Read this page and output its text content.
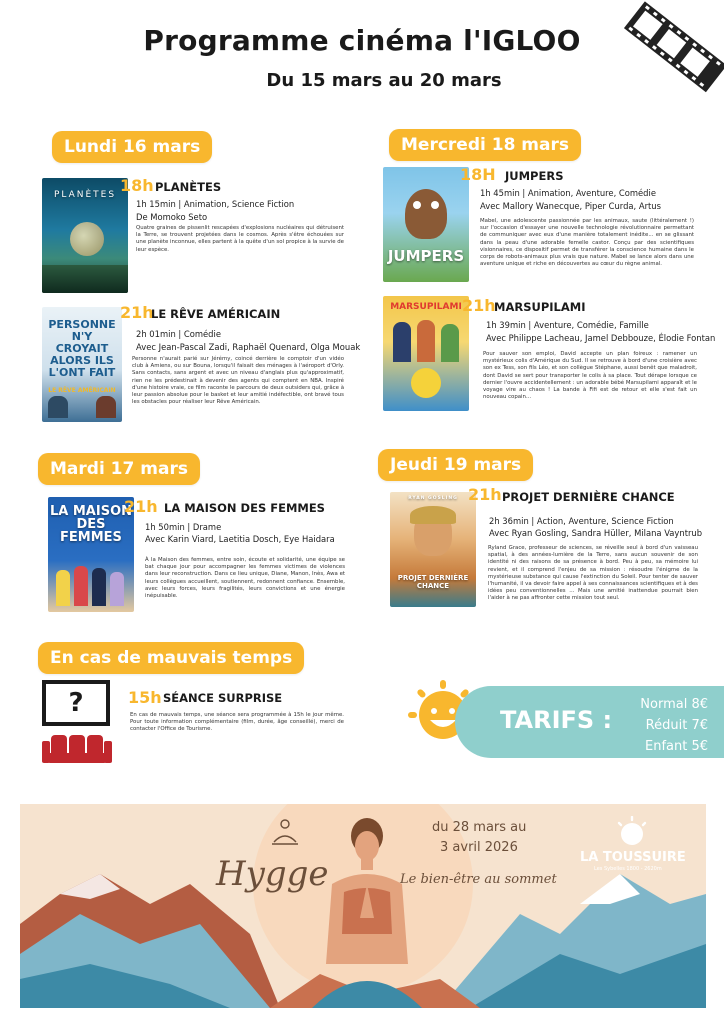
Programme cinéma l'IGLOO
Du 15 mars au 20 mars
Lundi 16 mars	Mercredi 18 mars
Mardi 17 mars	Jeudi 19 mars
En cas de mauvais temps
PLANÈTES 18h PLANÈTES
1h 15min | Animation, Science Fiction
De Momoko Seto
Quatre graines de pissenlit rescapées d'explosions nucléaires qui détruisent la Terre, se trouvent projetées dans le cosmos. Après s'être échouées sur une planète inconnue, elles partent à la quête d'un sol propice à la survie de leur espèce.
PERSONNE N'Y CROYAIT ALORS ILS L'ONT FAIT
LE RÊVE AMÉRICAIN
21h
LE RÊVE AMÉRICAIN
2h 01min | Comédie
Avec Jean-Pascal Zadi, Raphaël Quenard, Olga Mouak
Personne n'aurait parié sur Jérémy, coincé derrière le comptoir d'un vidéo club à Amiens, ou sur Bouna, lorsqu'il faisait des ménages à l'aéroport d'Orly. Sans contacts, sans argent et avec un niveau d'anglais plus qu'approximatif, rien ne les prédestinait à devenir des agents qui comptent en NBA. Inspiré d'une histoire vraie, ce film raconte le parcours de deux outsiders qui, grâce à leur passion absolue pour le basket et leur amitié indéfectible, ont bravé tous les obstacles pour réaliser leur Rêve Américain.
LA MAISON DES FEMMES
21h LA MAISON DES FEMMES
1h 50min | Drame
Avec Karin Viard, Laetitia Dosch, Eye Haidara
À la Maison des femmes, entre soin, écoute et solidarité, une équipe se bat chaque jour pour accompagner les femmes victimes de violences dans leur reconstruction. Dans ce lieu unique, Diane, Manon, Inès, Awa et leurs collègues accueillent, soutiennent, redonnent confiance. Ensemble, avec leurs forces, leurs fragilités, leurs convictions et une énergie inépuisable.
JUMPERS
18H JUMPERS
1h 45min | Animation, Aventure, Comédie
Avec Mallory Wanecque, Piper Curda, Artus
Mabel, une adolescente passionnée par les animaux, saute (littéralement !) sur l'occasion d'essayer une nouvelle technologie révolutionnaire permettant de communiquer avec eux d'une manière totalement inédite... en se glissant dans la peau d'une adorable femelle castor. Conçu par des scientifiques visionnaires, ce dispositif permet de transférer la conscience humaine dans le corps de robots-animaux plus vrais que nature. Mabel se lance alors dans une aventure unique et riche en découvertes au cœur du règne animal.
MARSUPILAMI 21h
MARSUPILAMI
1h 39min | Aventure, Comédie, Famille
Avec Philippe Lacheau, Jamel Debbouze, Élodie Fontan
Pour sauver son emploi, David accepte un plan foireux : ramener un mystérieux colis d'Amérique du Sud. Il se retrouve à bord d'une croisière avec son ex Tess, son fils Léo, et son collègue Stéphane, aussi benêt que maladroit, dont David se sert pour transporter le colis à sa place. Tout dérape lorsque ce dernier l'ouvre accidentellement : un adorable bébé Marsupilami apparaît et le voyage vire au chaos ! La bande à Fifi est de retour et elle s'est fait un nouveau copain...
RYAN GOSLING
PROJET DERNIÈRE CHANCE
21h PROJET DERNIÈRE CHANCE
2h 36min | Action, Aventure, Science Fiction
Avec Ryan Gosling, Sandra Hüller, Milana Vayntrub
Ryland Grace, professeur de sciences, se réveille seul à bord d'un vaisseau spatial, à des années-lumière de la Terre, sans aucun souvenir de son identité ni des raisons de sa présence à bord. Peu à peu, sa mémoire lui revient, et il comprend l'enjeu de sa mission : résoudre l'énigme de la mystérieuse substance qui cause l'extinction du Soleil. Pour tenter de sauver l'humanité, il va devoir faire appel à ses connaissances scientifiques et à des idées peu conventionnelles ... Mais une amitié inattendue pourrait bien l'aider à ne pas affronter cette mission tout seul.
?	15h SÉANCE SURPRISE
En cas de mauvais temps, une séance sera programmée à 15h le jour même. Pour toute information complémentaire (film, durée, âge conseillé), merci de contacter l'Office de Tourisme.	TARIFS :
Normal 8€
Réduit 7€
Enfant 5€
Hygge
du 28 mars au
3 avril 2026
Le bien-être au sommet
LA TOUSSUIRE
Les Sybelles 1800 - 2620m
